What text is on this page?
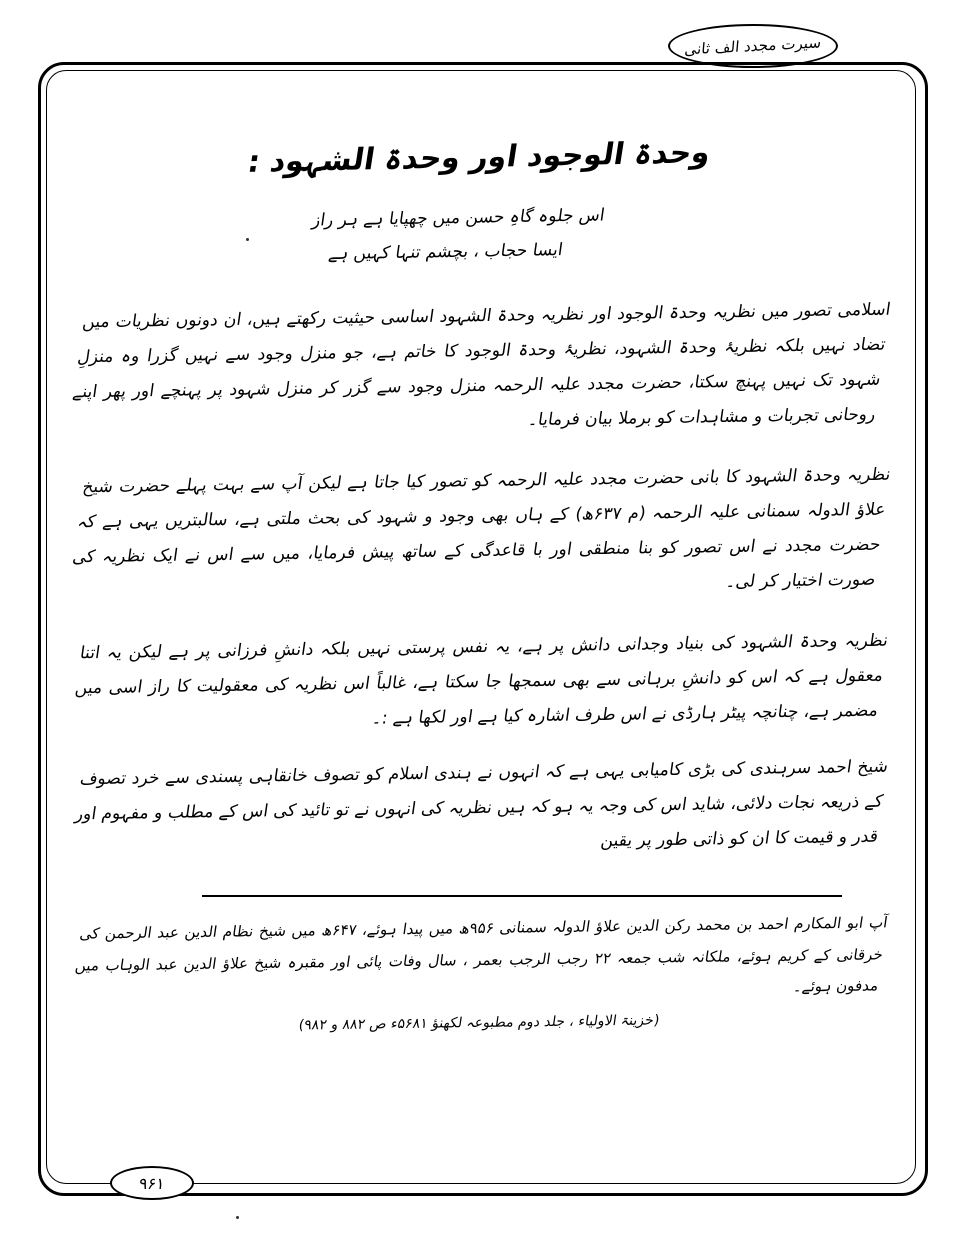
سیرت مجدد الف ثانی
وحدۃ الوجود اور وحدۃ الشہود :
اس جلوہ گاہِ حسن میں چھپایا ہے ہر راز
ایسا حجاب ، بچشم تنہا کہیں ہے

اسلامی تصور میں نظریہ وحدۃ الوجود اور نظریہ وحدۃ الشہود اساسی حیثیت رکھتے ہیں، ان دونوں نظریات میں تضاد نہیں بلکہ نظریۂ وحدۃ الشہود، نظریۂ وحدۃ الوجود کا خاتم ہے، جو منزل وجود سے نہیں گزرا وہ منزلِ شہود تک نہیں پہنچ سکتا، حضرت مجدد علیہ الرحمہ منزل وجود سے گزر کر منزل شہود پر پہنچے اور پھر اپنے روحانی تجربات و مشاہدات کو برملا بیان فرمایا۔

نظریہ وحدۃ الشہود کا بانی حضرت مجدد علیہ الرحمہ کو تصور کیا جاتا ہے لیکن آپ سے بہت پہلے حضرت شیخ علاؤ الدولہ سمنانی علیہ الرحمہ (م ۷۳۶ھ) کے ہاں بھی وجود و شہود کی بحث ملتی ہے، سالبتریں یہی ہے کہ حضرت مجدد نے اس تصور کو بنا منطقی اور با قاعدگی کے ساتھ پیش فرمایا، میں سے اس نے ایک نظریہ کی صورت اختیار کر لی۔

نظریہ وحدۃ الشہود کی بنیاد وجدانی دانش پر ہے، یہ نفس پرستی نہیں بلکہ دانشِ فرزانی پر ہے لیکن یہ اتنا معقول ہے کہ اس کو دانشِ برہانی سے بھی سمجھا جا سکتا ہے، غالباً اس نظریہ کی معقولیت کا راز اسی میں مضمر ہے، چنانچہ پیٹر ہارڈی نے اس طرف اشارہ کیا ہے اور لکھا ہے :۔

شیخ احمد سرہندی کی بڑی کامیابی یہی ہے کہ انہوں نے ہندی اسلام کو تصوف خانقاہی پسندی سے خرد تصوف کے ذریعہ نجات دلائی، شاید اس کی وجہ یہ ہو کہ ہیں نظریہ کی انہوں نے تو تائید کی اس کے مطلب و مفہوم اور قدر و قیمت کا ان کو ذاتی طور پر یقین

آپ ابو المکارم احمد بن محمد رکن الدین علاؤ الدولہ سمنانی ۶۵۹ھ میں پیدا ہوئے، ۷۴۶ھ میں شیخ نظام الدین عبد الرحمن کی خرقانی کے کریم ہوئے، ملکانہ شب جمعہ ۲۲ رجب الرجب بعمر ، سال وفات پائی اور مقبرہ شیخ علاؤ الدین عبد الوہاب میں مدفون ہوئے۔

(خزینۃ الاولیاء ، جلد دوم مطبوعہ لکھنؤ ۱۸۶۵ء ص ۲۸۸ و ۲۸۹)

۱۶۹
